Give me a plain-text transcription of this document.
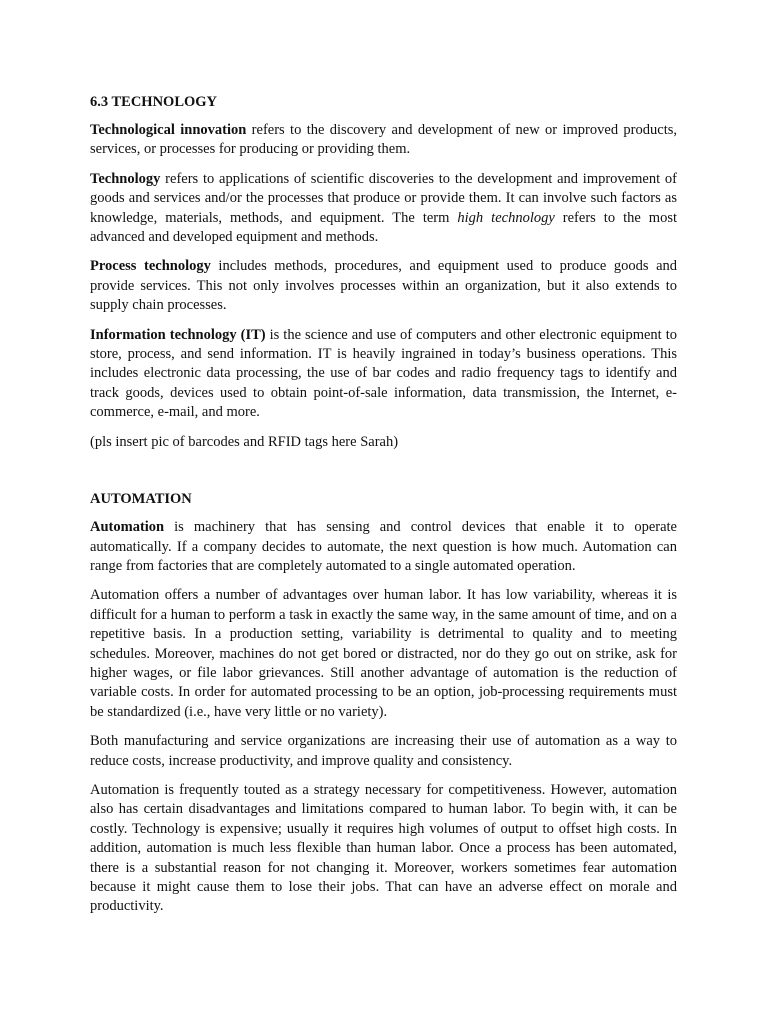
6.3 TECHNOLOGY

Technological innovation refers to the discovery and development of new or improved products, services, or processes for producing or providing them.

Technology refers to applications of scientific discoveries to the development and improvement of goods and services and/or the processes that produce or provide them. It can involve such factors as knowledge, materials, methods, and equipment. The term high technology refers to the most advanced and developed equipment and methods.

Process technology includes methods, procedures, and equipment used to produce goods and provide services. This not only involves processes within an organization, but it also extends to supply chain processes.

Information technology (IT) is the science and use of computers and other electronic equipment to store, process, and send information. IT is heavily ingrained in today’s business operations. This includes electronic data processing, the use of bar codes and radio frequency tags to identify and track goods, devices used to obtain point-of-sale information, data transmission, the Internet, e-commerce, e-mail, and more.

(pls insert pic of barcodes and RFID tags here Sarah)

AUTOMATION

Automation is machinery that has sensing and control devices that enable it to operate automatically. If a company decides to automate, the next question is how much. Automation can range from factories that are completely automated to a single automated operation.

Automation offers a number of advantages over human labor. It has low variability, whereas it is difficult for a human to perform a task in exactly the same way, in the same amount of time, and on a repetitive basis. In a production setting, variability is detrimental to quality and to meeting schedules. Moreover, machines do not get bored or distracted, nor do they go out on strike, ask for higher wages, or file labor grievances. Still another advantage of automation is the reduction of variable costs. In order for automated processing to be an option, job-processing requirements must be standardized (i.e., have very little or no variety).

Both manufacturing and service organizations are increasing their use of automation as a way to reduce costs, increase productivity, and improve quality and consistency.

Automation is frequently touted as a strategy necessary for competitiveness. However, automation also has certain disadvantages and limitations compared to human labor. To begin with, it can be costly. Technology is expensive; usually it requires high volumes of output to offset high costs. In addition, automation is much less flexible than human labor. Once a process has been automated, there is a substantial reason for not changing it. Moreover, workers sometimes fear automation because it might cause them to lose their jobs. That can have an adverse effect on morale and productivity.
